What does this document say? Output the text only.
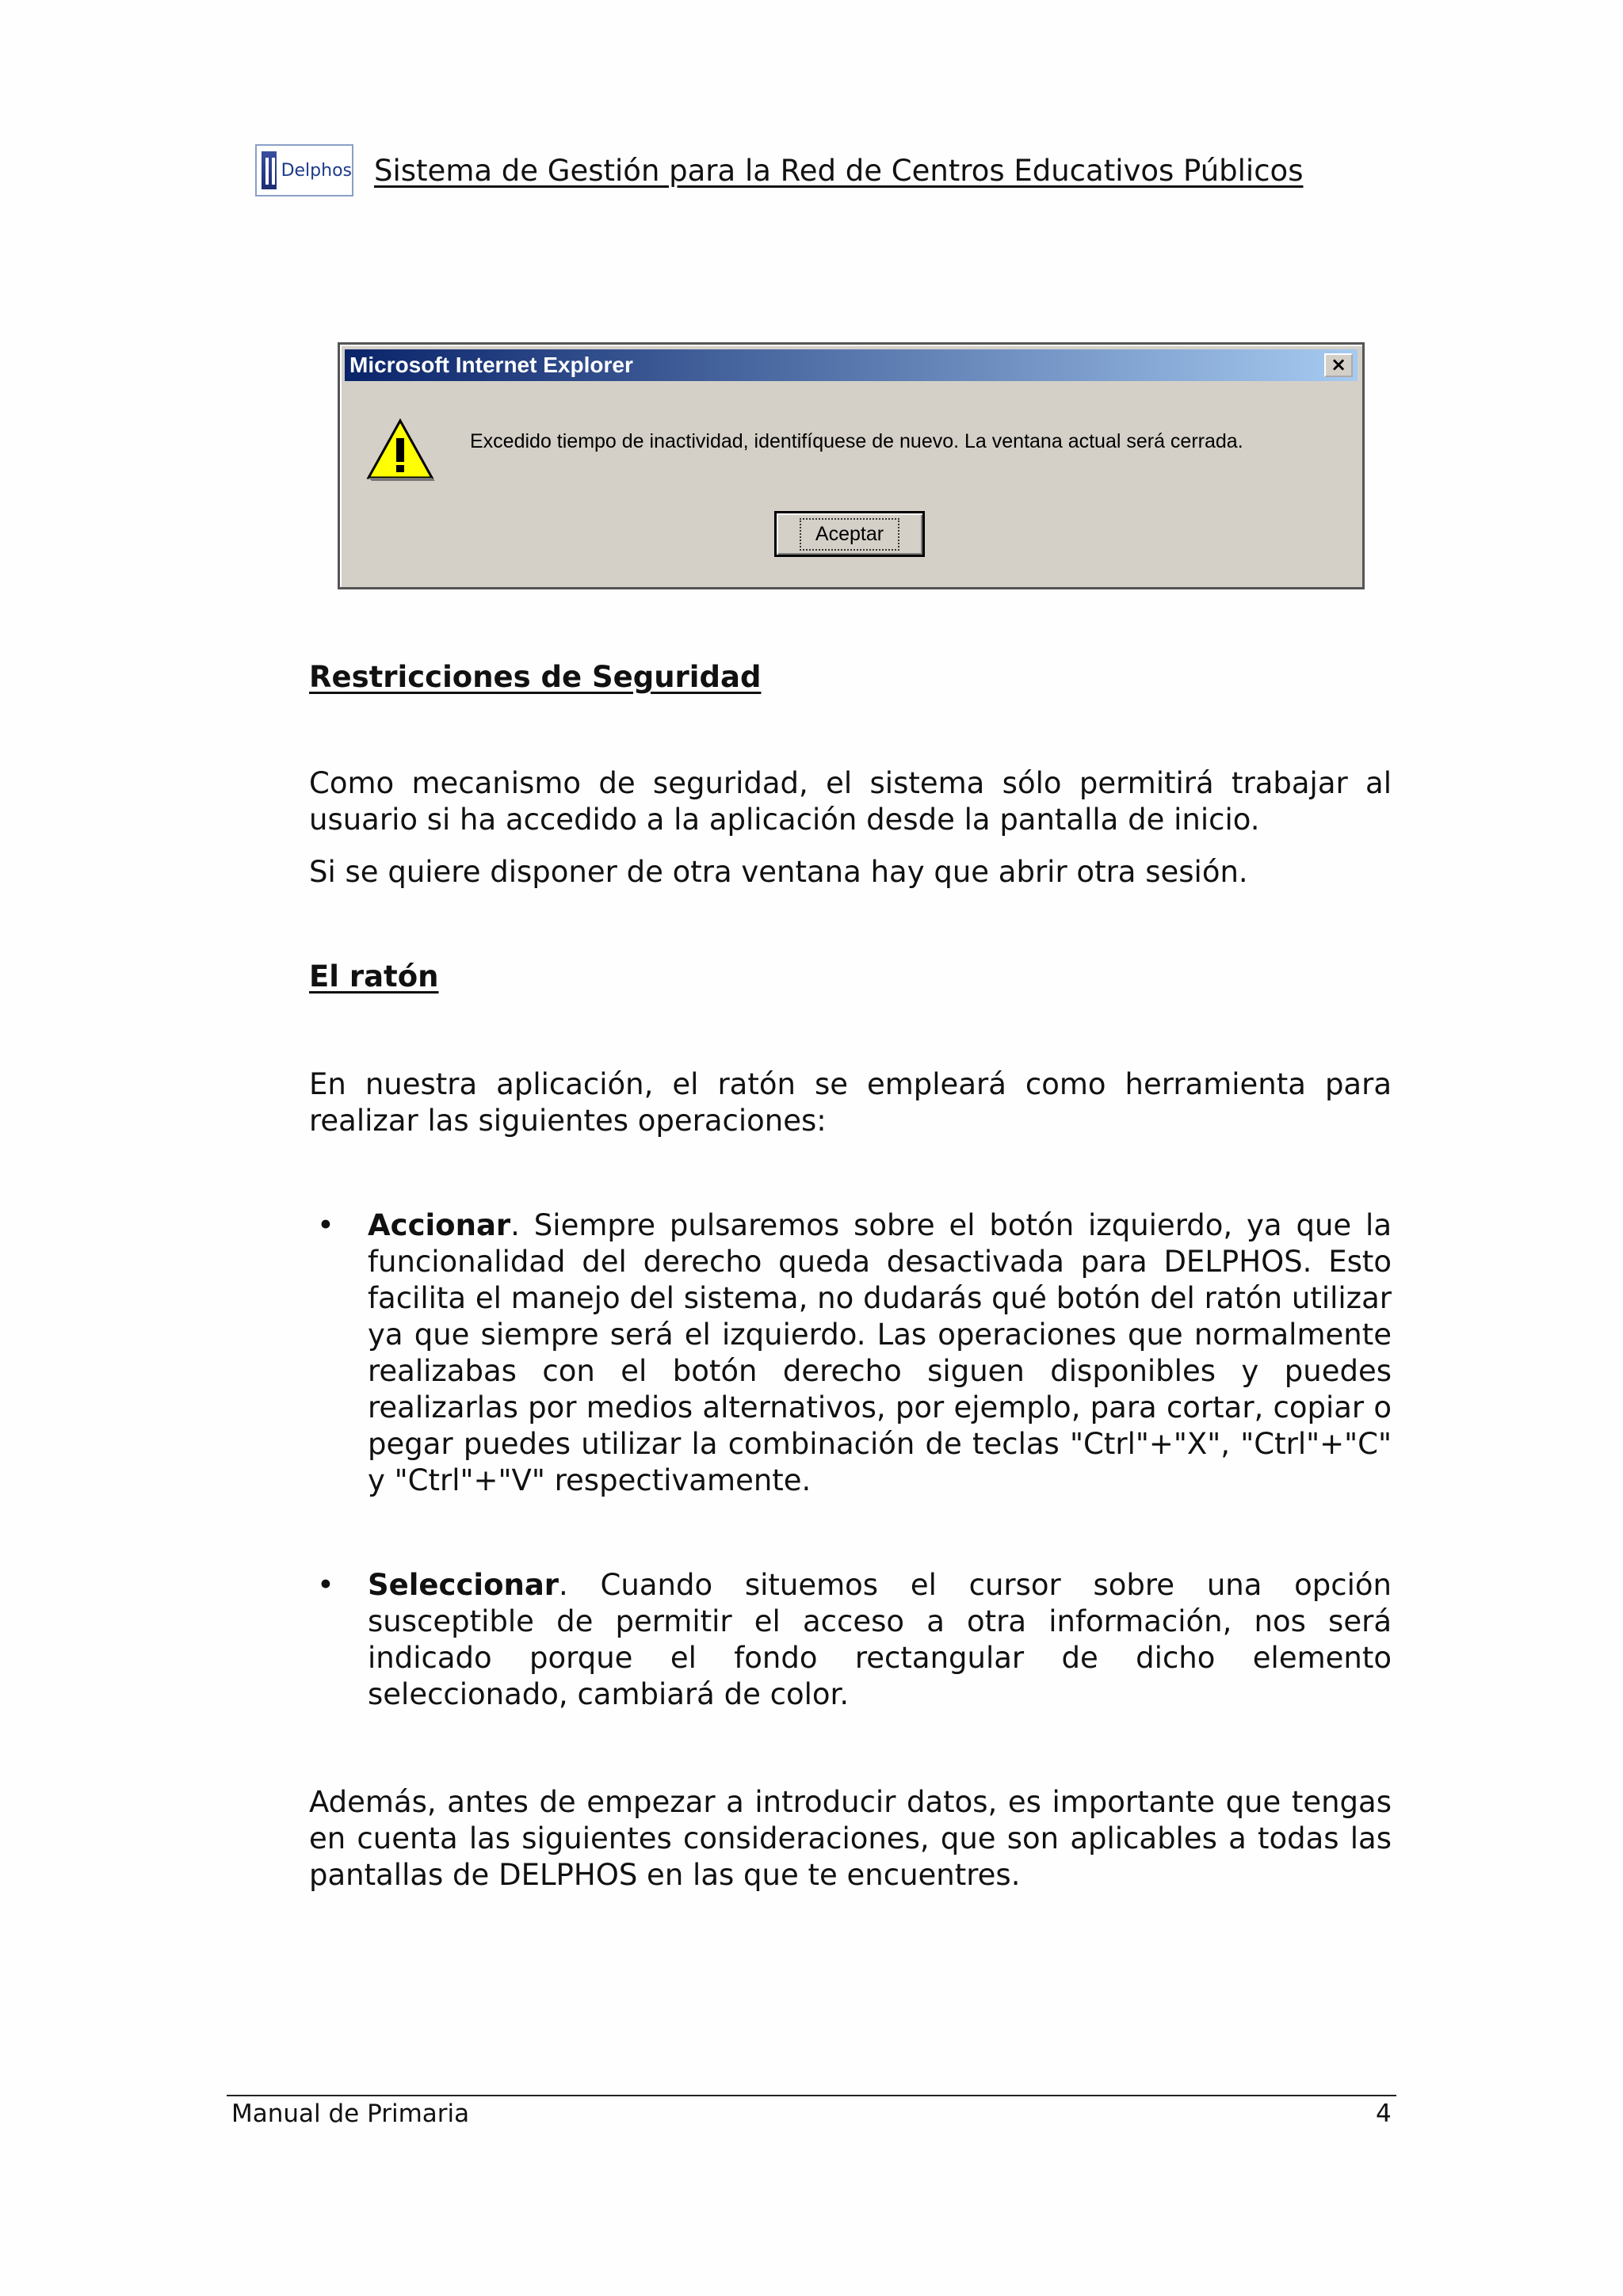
Delphos Sistema de Gestión para la Red de Centros Educativos Públicos
Microsoft Internet Explorer	×
Excedido tiempo de inactividad, identifíquese de nuevo. La ventana actual será cerrada.
Aceptar
Restricciones de Seguridad
Como mecanismo de seguridad, el sistema sólo permitirá trabajar al usuario si ha accedido a la aplicación desde la pantalla de inicio.
Si se quiere disponer de otra ventana hay que abrir otra sesión.
El ratón
En nuestra aplicación, el ratón se empleará como herramienta para realizar las siguientes operaciones:
• Accionar. Siempre pulsaremos sobre el botón izquierdo, ya que la funcionalidad del derecho queda desactivada para DELPHOS. Esto facilita el manejo del sistema, no dudarás qué botón del ratón utilizar ya que siempre será el izquierdo. Las operaciones que normalmente realizabas con el botón derecho siguen disponibles y puedes realizarlas por medios alternativos, por ejemplo, para cortar, copiar o pegar puedes utilizar la combinación de teclas "Ctrl"+"X", "Ctrl"+"C" y "Ctrl"+"V" respectivamente.
• Seleccionar. Cuando situemos el cursor sobre una opción susceptible de permitir el acceso a otra información, nos será indicado porque el fondo rectangular de dicho elemento seleccionado, cambiará de color.
Además, antes de empezar a introducir datos, es importante que tengas en cuenta las siguientes consideraciones, que son aplicables a todas las pantallas de DELPHOS en las que te encuentres.
Manual de Primaria	4
